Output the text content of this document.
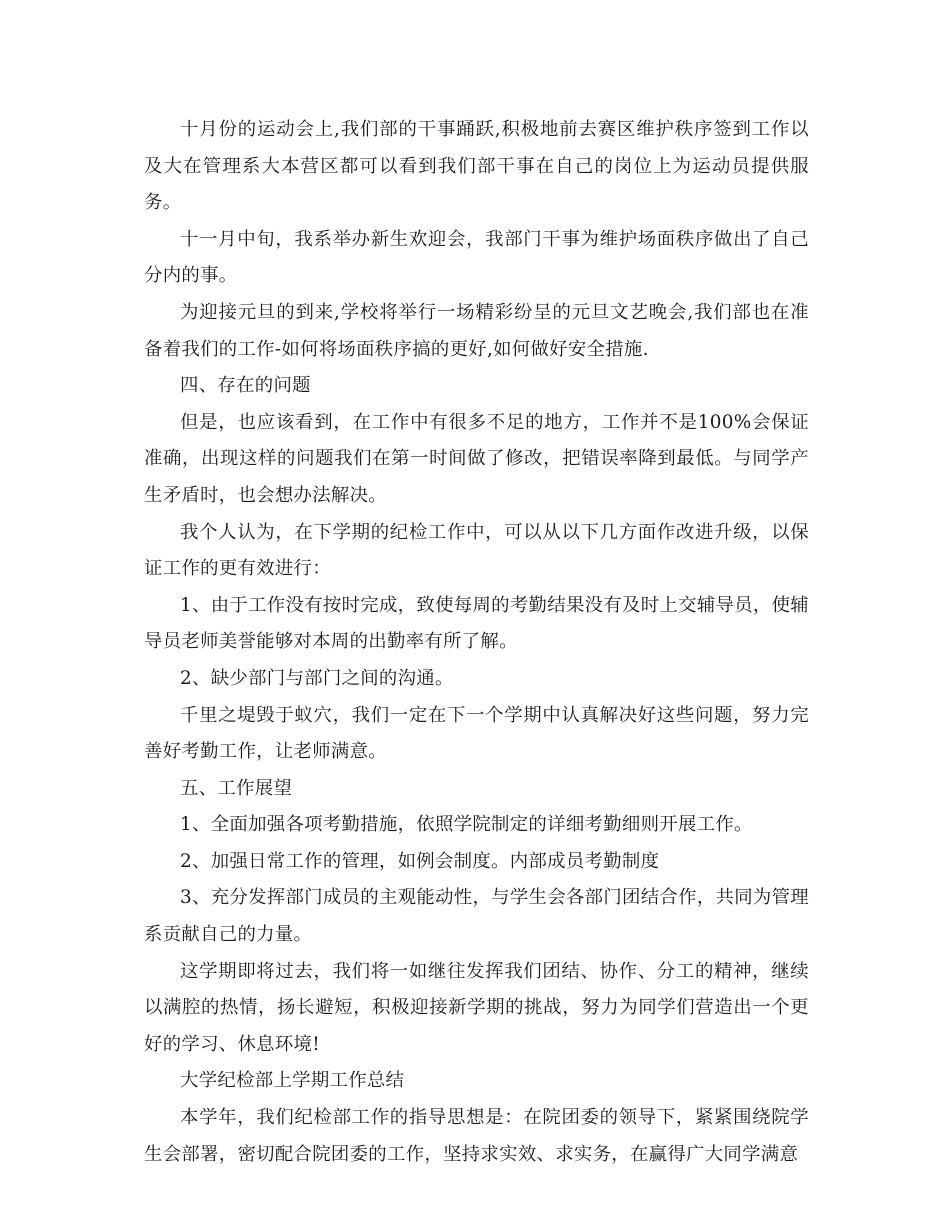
十月份的运动会上,我们部的干事踊跃,积极地前去赛区维护秩序签到工作以及大在管理系大本营区都可以看到我们部干事在自己的岗位上为运动员提供服务。

十一月中旬，我系举办新生欢迎会，我部门干事为维护场面秩序做出了自己分内的事。

为迎接元旦的到来,学校将举行一场精彩纷呈的元旦文艺晚会,我们部也在准备着我们的工作-如何将场面秩序搞的更好,如何做好安全措施.

四、存在的问题

但是，也应该看到，在工作中有很多不足的地方，工作并不是100%会保证准确，出现这样的问题我们在第一时间做了修改，把错误率降到最低。与同学产生矛盾时，也会想办法解决。

我个人认为，在下学期的纪检工作中，可以从以下几方面作改进升级，以保证工作的更有效进行：

1、由于工作没有按时完成，致使每周的考勤结果没有及时上交辅导员，使辅导员老师美誉能够对本周的出勤率有所了解。

2、缺少部门与部门之间的沟通。

千里之堤毁于蚁穴，我们一定在下一个学期中认真解决好这些问题，努力完善好考勤工作，让老师满意。

五、工作展望

1、全面加强各项考勤措施，依照学院制定的详细考勤细则开展工作。

2、加强日常工作的管理，如例会制度。内部成员考勤制度

3、充分发挥部门成员的主观能动性，与学生会各部门团结合作，共同为管理系贡献自己的力量。

这学期即将过去，我们将一如继往发挥我们团结、协作、分工的精神，继续以满腔的热情，扬长避短，积极迎接新学期的挑战，努力为同学们营造出一个更好的学习、休息环境!

大学纪检部上学期工作总结

本学年，我们纪检部工作的指导思想是：在院团委的领导下，紧紧围绕院学生会部署，密切配合院团委的工作，坚持求实效、求实务，在赢得广大同学满意
